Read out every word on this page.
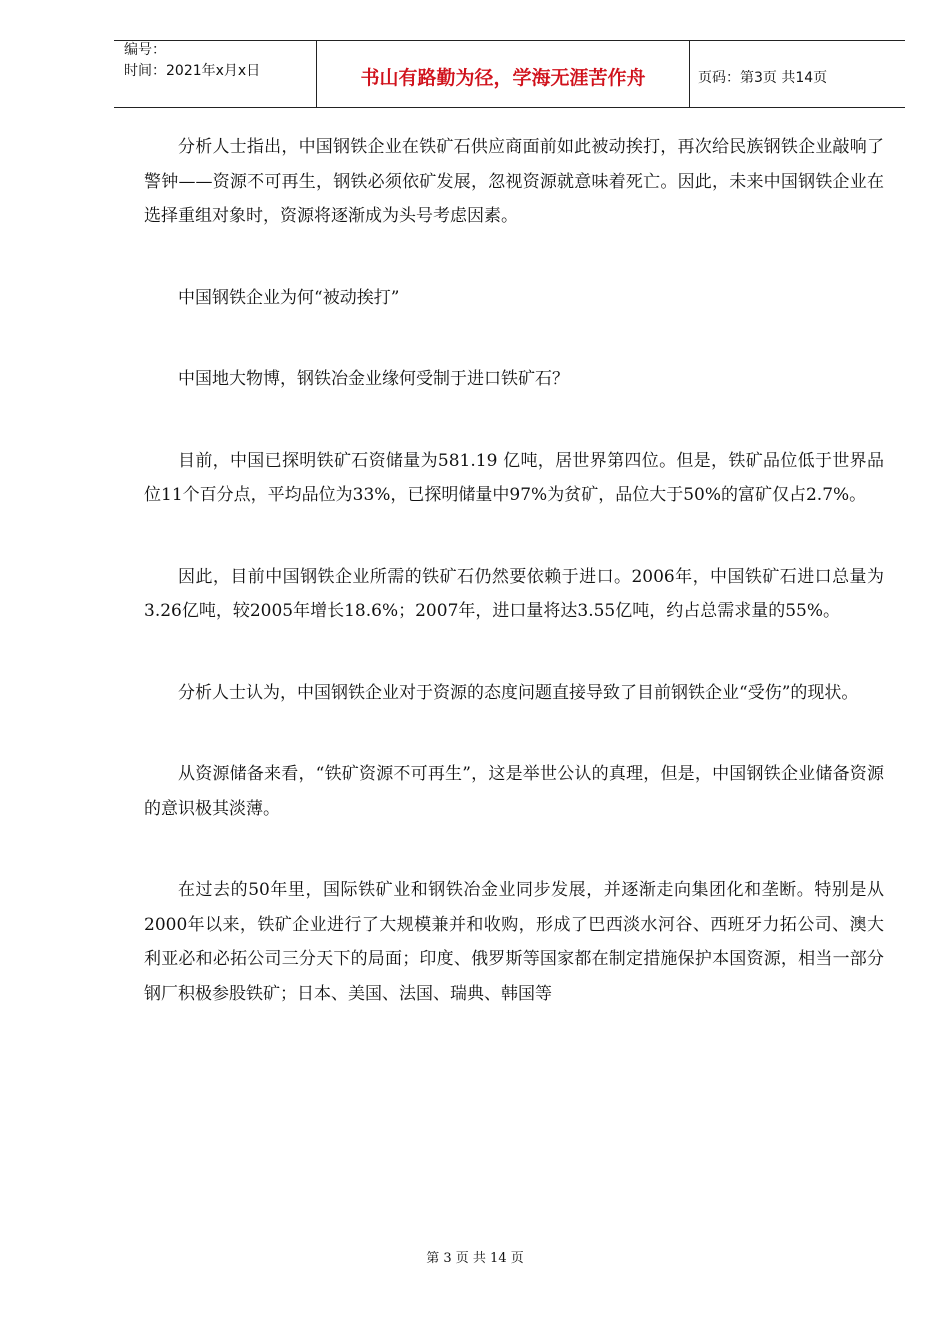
编号：
时间：2021年x月x日	书山有路勤为径，学海无涯苦作舟	页码：第3页 共14页

分析人士指出，中国钢铁企业在铁矿石供应商面前如此被动挨打，再次给民族钢铁企业敲响了警钟——资源不可再生，钢铁必须依矿发展，忽视资源就意味着死亡。因此，未来中国钢铁企业在选择重组对象时，资源将逐渐成为头号考虑因素。

中国钢铁企业为何“被动挨打”

中国地大物博，钢铁冶金业缘何受制于进口铁矿石？

目前，中国已探明铁矿石资储量为581.19 亿吨，居世界第四位。但是，铁矿品位低于世界品位11个百分点，平均品位为33%，已探明储量中97%为贫矿，品位大于50%的富矿仅占2.7%。

因此，目前中国钢铁企业所需的铁矿石仍然要依赖于进口。2006年，中国铁矿石进口总量为3.26亿吨，较2005年增长18.6%；2007年，进口量将达3.55亿吨，约占总需求量的55%。

分析人士认为，中国钢铁企业对于资源的态度问题直接导致了目前钢铁企业“受伤”的现状。

从资源储备来看，“铁矿资源不可再生”，这是举世公认的真理，但是，中国钢铁企业储备资源的意识极其淡薄。

在过去的50年里，国际铁矿业和钢铁冶金业同步发展，并逐渐走向集团化和垄断。特别是从2000年以来，铁矿企业进行了大规模兼并和收购，形成了巴西淡水河谷、西班牙力拓公司、澳大利亚必和必拓公司三分天下的局面；印度、俄罗斯等国家都在制定措施保护本国资源，相当一部分钢厂积极参股铁矿；日本、美国、法国、瑞典、韩国等

第 3 页 共 14 页
